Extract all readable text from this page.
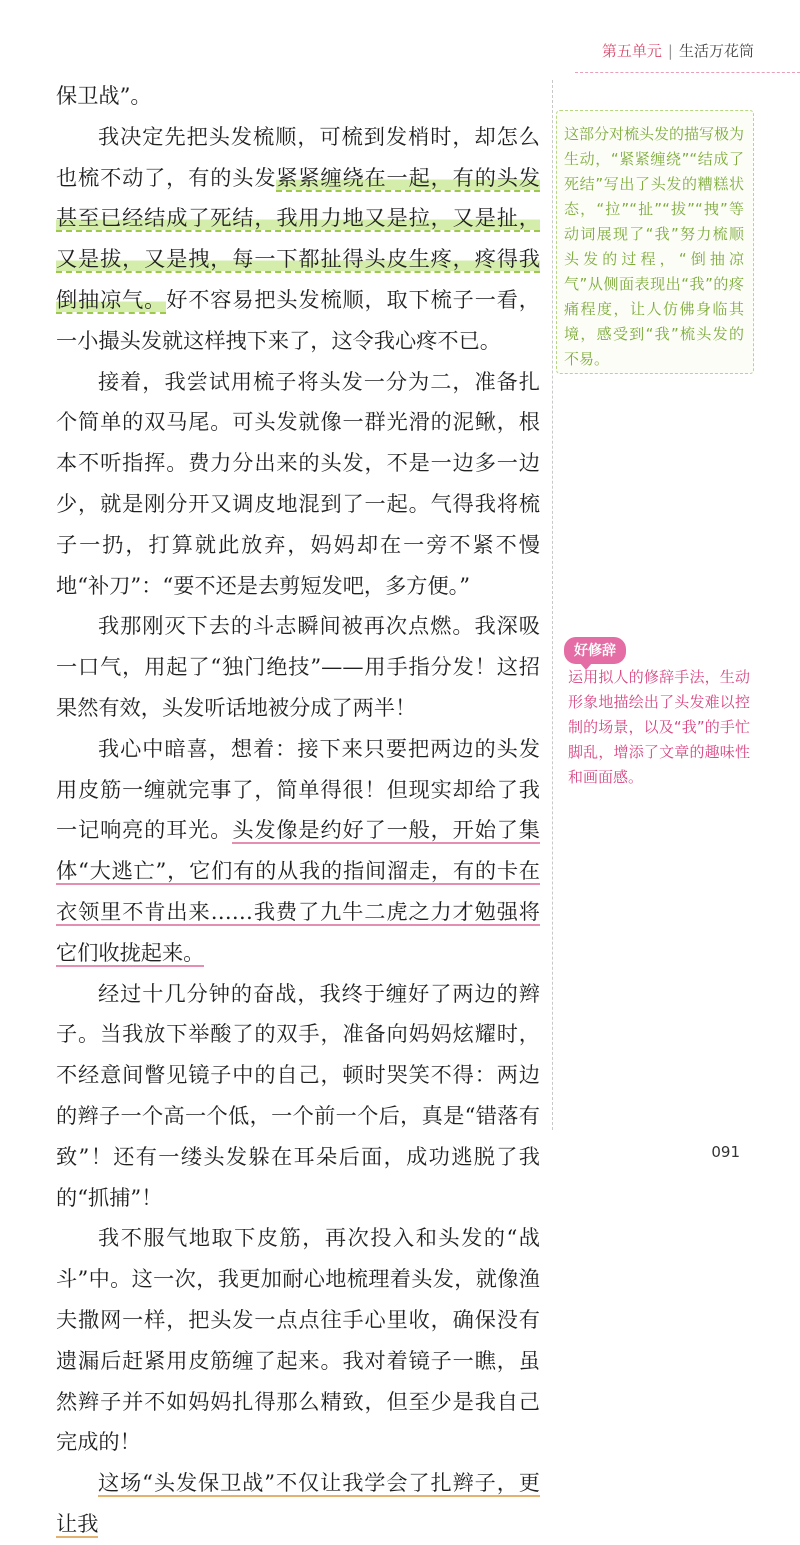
第五单元 | 生活万花筒

保卫战”。

我决定先把头发梳顺，可梳到发梢时，却怎么也梳不动了，有的头发紧紧缠绕在一起，有的头发甚至已经结成了死结，我用力地又是拉，又是扯，又是拔，又是拽，每一下都扯得头皮生疼，疼得我倒抽凉气。好不容易把头发梳顺，取下梳子一看，一小撮头发就这样拽下来了，这令我心疼不已。

接着，我尝试用梳子将头发一分为二，准备扎个简单的双马尾。可头发就像一群光滑的泥鳅，根本不听指挥。费力分出来的头发，不是一边多一边少，就是刚分开又调皮地混到了一起。气得我将梳子一扔，打算就此放弃，妈妈却在一旁不紧不慢地“补刀”：“要不还是去剪短发吧，多方便。”

我那刚灭下去的斗志瞬间被再次点燃。我深吸一口气，用起了“独门绝技”——用手指分发！这招果然有效，头发听话地被分成了两半！

我心中暗喜，想着：接下来只要把两边的头发用皮筋一缠就完事了，简单得很！但现实却给了我一记响亮的耳光。头发像是约好了一般，开始了集体“大逃亡”，它们有的从我的指间溜走，有的卡在衣领里不肯出来……我费了九牛二虎之力才勉强将它们收拢起来。

经过十几分钟的奋战，我终于缠好了两边的辫子。当我放下举酸了的双手，准备向妈妈炫耀时，不经意间瞥见镜子中的自己，顿时哭笑不得：两边的辫子一个高一个低，一个前一个后，真是“错落有致”！还有一缕头发躲在耳朵后面，成功逃脱了我的“抓捕”！

我不服气地取下皮筋，再次投入和头发的“战斗”中。这一次，我更加耐心地梳理着头发，就像渔夫撒网一样，把头发一点点往手心里收，确保没有遗漏后赶紧用皮筋缠了起来。我对着镜子一瞧，虽然辫子并不如妈妈扎得那么精致，但至少是我自己完成的！

这场“头发保卫战”不仅让我学会了扎辫子，更让我

这部分对梳头发的描写极为生动，“紧紧缠绕”“结成了死结”写出了头发的糟糕状态，“拉”“扯”“拔”“拽”等动词展现了“我”努力梳顺头发的过程，“倒抽凉气”从侧面表现出“我”的疼痛程度，让人仿佛身临其境，感受到“我”梳头发的不易。
好修辞
运用拟人的修辞手法，生动形象地描绘出了头发难以控制的场景，以及“我”的手忙脚乱，增添了文章的趣味性和画面感。
091
